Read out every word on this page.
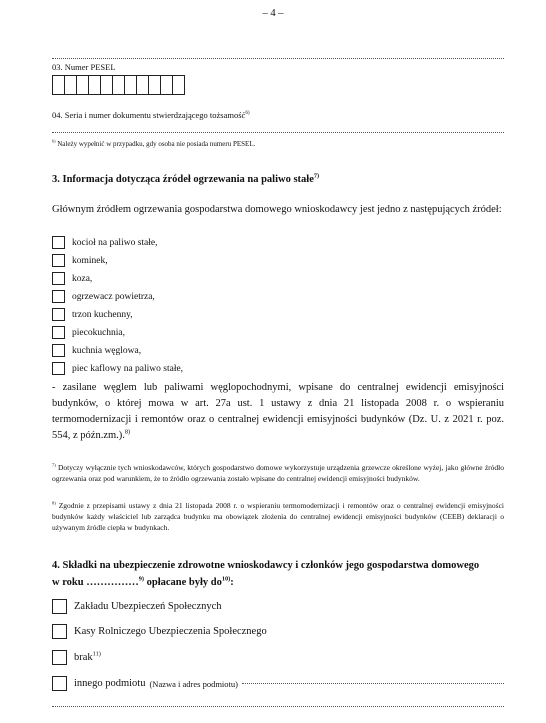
– 4 –
03. Numer PESEL
04. Seria i numer dokumentu stwierdzającego tożsamość$^{6)}$
$^{6)}$ Należy wypełnić w przypadku, gdy osoba nie posiada numeru PESEL.
3. Informacja dotycząca źródeł ogrzewania na paliwo stałe$^{7)}$
Głównym źródłem ogrzewania gospodarstwa domowego wnioskodawcy jest jedno z następujących źródeł:
kocioł na paliwo stałe,
kominek,
koza,
ogrzewacz powietrza,
trzon kuchenny,
piecokuchnia,
kuchnia węglowa,
piec kaflowy na paliwo stałe,
- zasilane węglem lub paliwami węglopochodnymi, wpisane do centralnej ewidencji emisyjności budynków, o której mowa w art. 27a ust. 1 ustawy z dnia 21 listopada 2008 r. o wspieraniu termomodernizacji i remontów oraz o centralnej ewidencji emisyjności budynków (Dz. U. z 2021 r. poz. 554, z późn.zm.).$^{8)}$
$^{7)}$ Dotyczy wyłącznie tych wnioskodawców, których gospodarstwo domowe wykorzystuje urządzenia grzewcze określone wyżej, jako główne źródło ogrzewania oraz pod warunkiem, że to źródło ogrzewania zostało wpisane do centralnej ewidencji emisyjności budynków.
$^{8)}$ Zgodnie z przepisami ustawy z dnia 21 listopada 2008 r. o wspieraniu termomodernizacji i remontów oraz o centralnej ewidencji emisyjności budynków każdy właściciel lub zarządca budynku ma obowiązek złożenia do centralnej ewidencji emisyjności budynków (CEEB) deklaracji o używanym źródle ciepła w budynkach.
4. Składki na ubezpieczenie zdrowotne wnioskodawcy i członków jego gospodarstwa domowego
w roku ……………$^{9)}$ opłacane były $do^{10)}$:
Zakładu Ubezpieczeń Społecznych
Kasy Rolniczego Ubezpieczenia Społecznego
brak$^{11)}$
innego podmiotu (Nazwa i adres podmiotu)
